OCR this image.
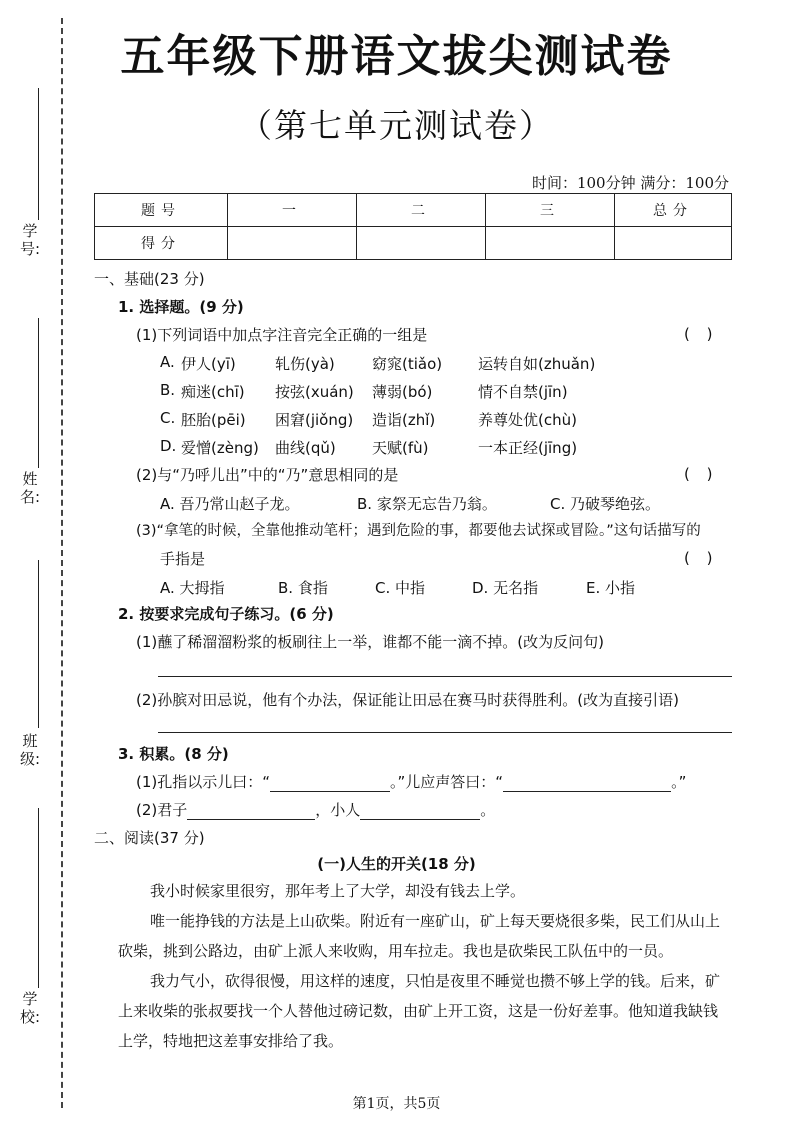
学号:
姓名:
班级:
学校:
五年级下册语文拔尖测试卷
（第七单元测试卷）
时间：100分钟 满分：100分
题号	一	二	三	总分
得分				
一、基础(23 分)
1. 选择题。(9 分)
(1)下列词语中加点字注音完全正确的一组是	( )
A. 伊人(yī)	轧伤(yà) 窈窕(tiǎo) 运转自如(zhuǎn)
B. 痴迷(chī) 按弦(xuán) 薄弱(bó)	情不自禁(jīn)
C. 胚胎(pēi) 困窘(jiǒng) 造诣(zhǐ)	养尊处优(chù)
D. 爱憎(zèng) 曲线(qǔ) 天赋(fù)	一本正经(jīng)
(2)与“乃呼儿出”中的“乃”意思相同的是	( )
A. 吾乃常山赵子龙。	B. 家祭无忘告乃翁。	C. 乃破琴绝弦。
(3)“拿笔的时候，全靠他推动笔杆；遇到危险的事，都要他去试探或冒险。”这句话描写的
手指是	( )
A. 大拇指	B. 食指	C. 中指	D. 无名指	E. 小指
2. 按要求完成句子练习。(6 分)
(1)蘸了稀溜溜粉浆的板刷往上一举，谁都不能一滴不掉。(改为反问句)
(2)孙膑对田忌说，他有个办法，保证能让田忌在赛马时获得胜利。(改为直接引语)
3. 积累。(8 分)
(1)孔指以示儿曰：“	。”儿应声答曰：“	。”
(2)君子	，小人	。
二、阅读(37 分)
(一)人生的开关(18 分)
我小时候家里很穷，那年考上了大学，却没有钱去上学。
唯一能挣钱的方法是上山砍柴。附近有一座矿山，矿上每天要烧很多柴，民工们从山上砍柴，挑到公路边，由矿上派人来收购，用车拉走。我也是砍柴民工队伍中的一员。
我力气小，砍得很慢，用这样的速度，只怕是夜里不睡觉也攒不够上学的钱。后来，矿上来收柴的张叔要找一个人替他过磅记数，由矿上开工资，这是一份好差事。他知道我缺钱上学，特地把这差事安排给了我。
第1页，共5页
